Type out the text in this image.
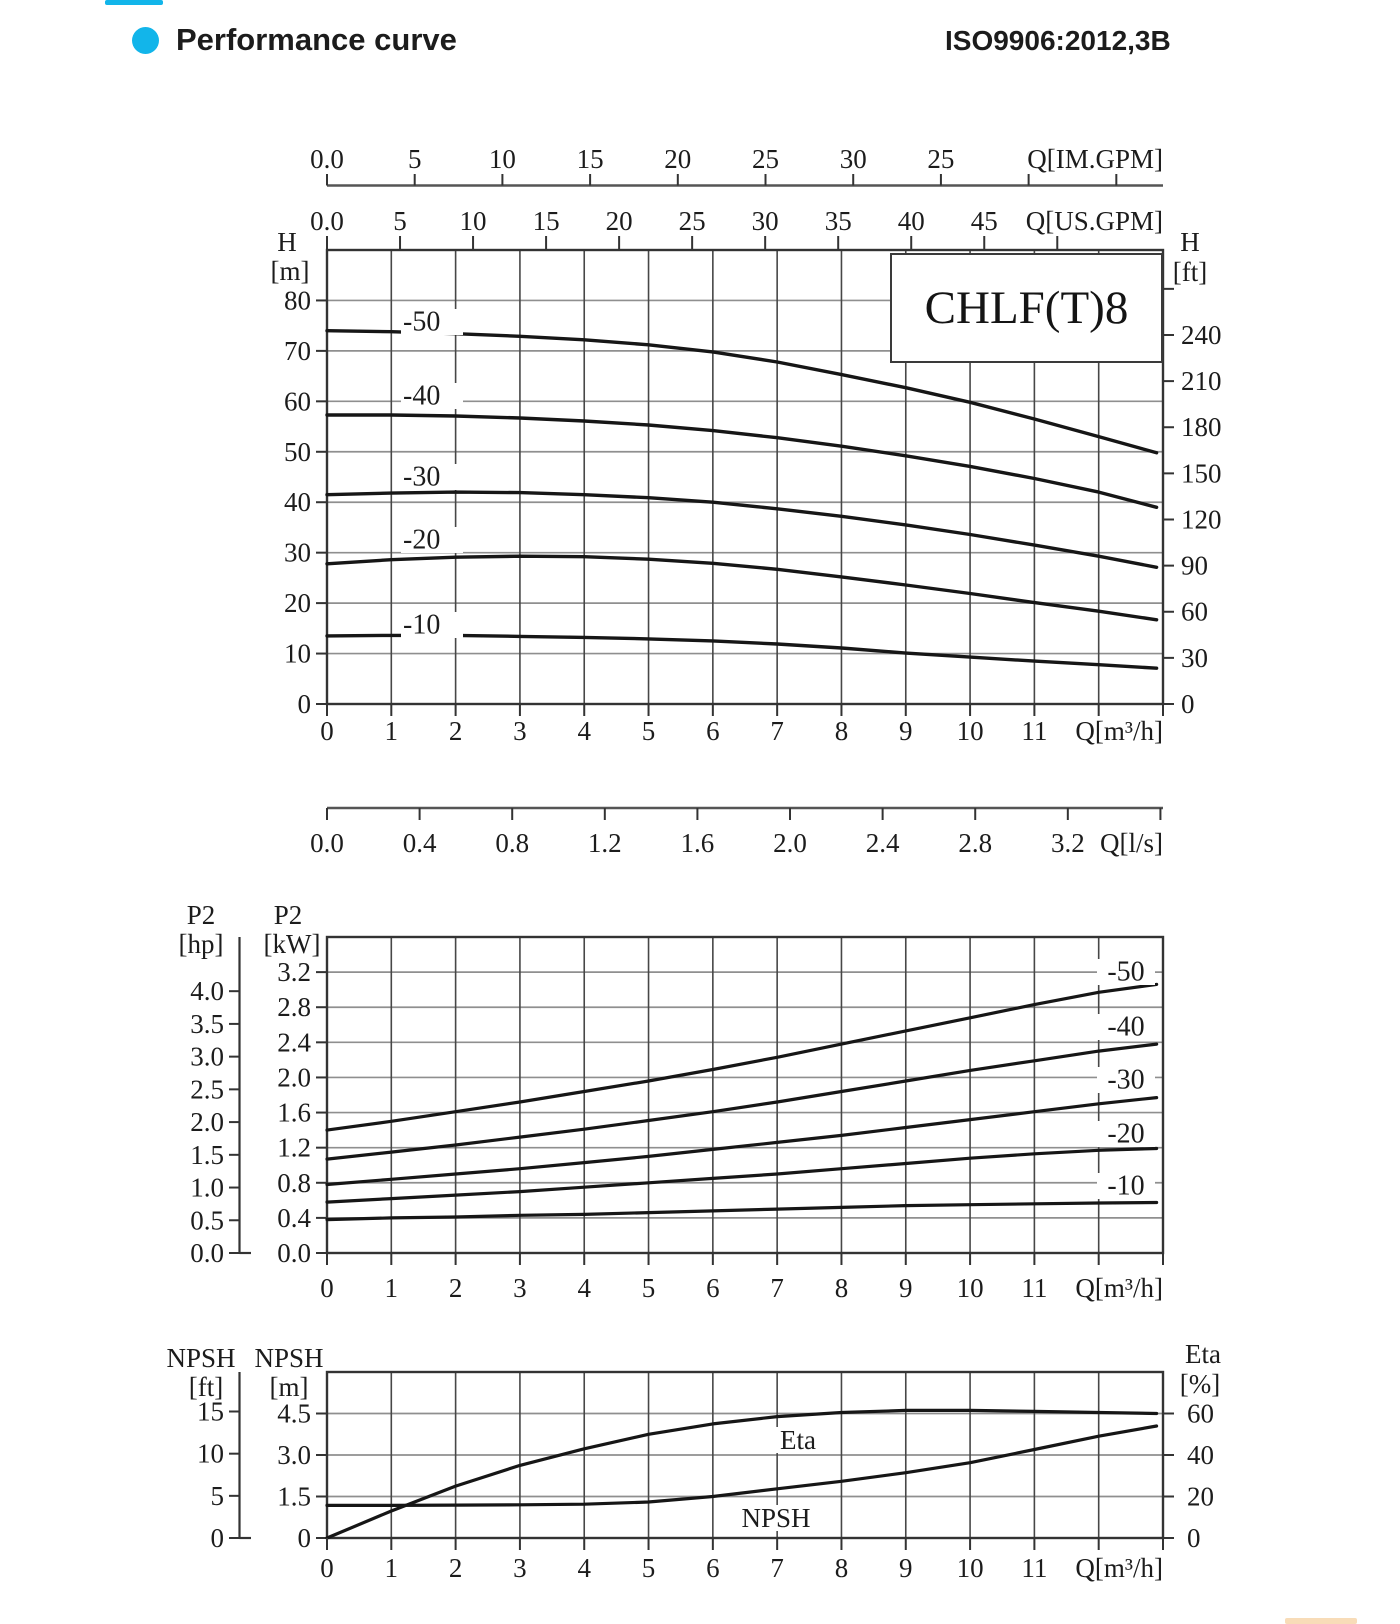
Performance curve	ISO9906:2012,3B
0
10
20
30
40
50
60
70
80
H
[m]
0
30
60
90
120
150
180
210
240
H
[ft]
0.0 5 10 15 20 25 30 25	Q[IM.GPM]
0.0 5 10 15 20 25 30 35 40 45 Q[US.GPM]
-50
-40
-30
-20
-10
0 1 2 3 4 5 6 7 8 9 10 11 Q[m³/h]
0.0 0.4 0.8 1.2 1.6 2.0 2.4 2.8 3.2 Q[l/s]
0.0
0.4
0.8
1.2
1.6
2.0
2.4
2.8
3.2
P2
[kW]
0.0
0.5
1.0
1.5
2.0
2.5
3.0
3.5
4.0
P2
[hp]
-50
-40
-30
-20
-10
0 1 2 3 4 5 6 7 8 9 10 11 Q[m³/h]
0
1.5
3.0
4.5
NPSH
[m]
0
5
10
15
NPSH
[ft]
0
20
40
60
Eta
[%]
Eta
NPSH
0 1 2 3 4 5 6 7 8 9 10 11 Q[m³/h]
CHLF(T)8
